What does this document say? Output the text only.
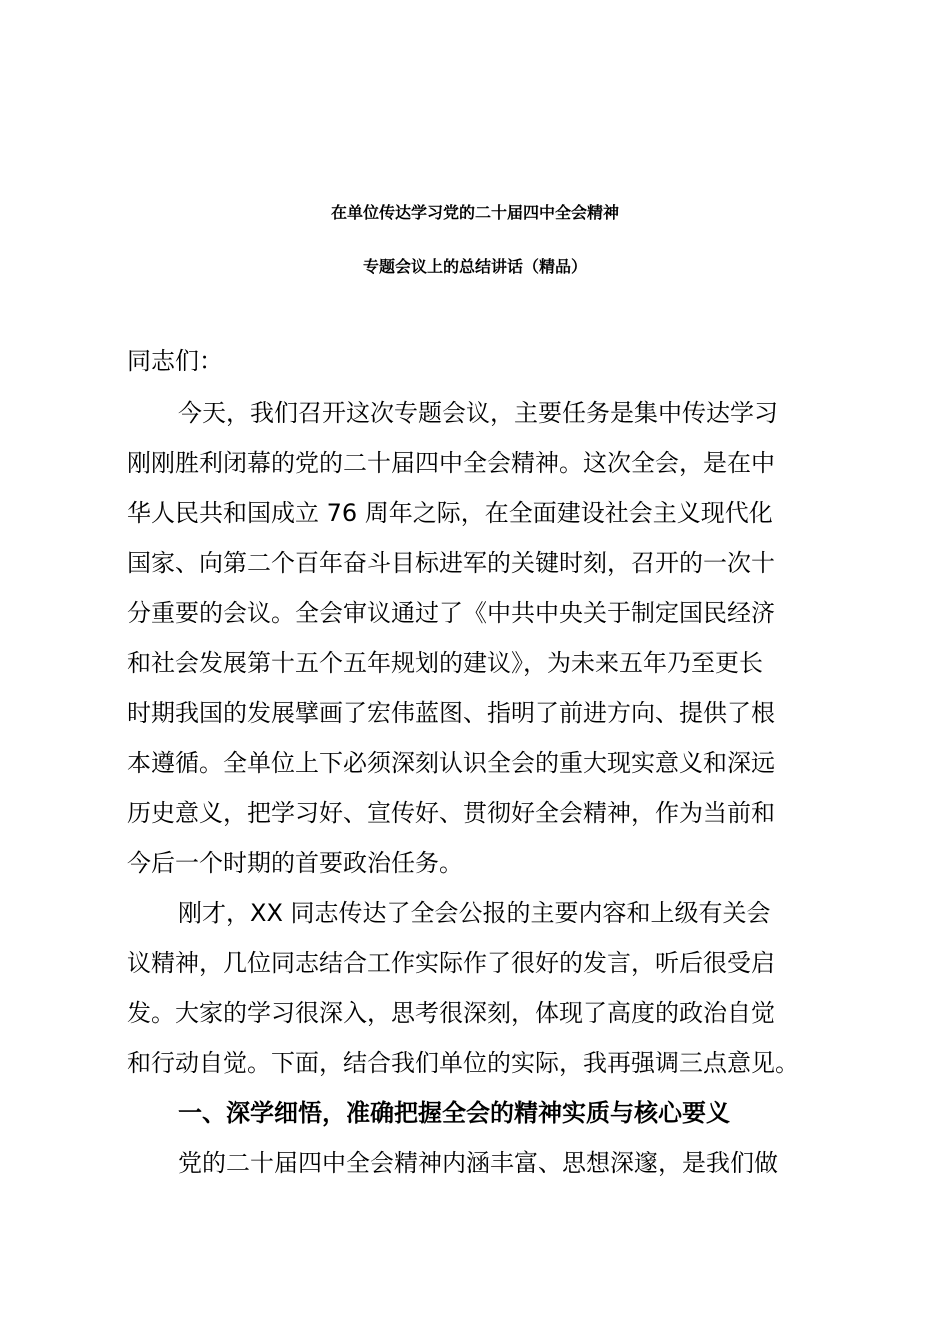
在单位传达学习党的二十届四中全会精神
专题会议上的总结讲话（精品）
同志们：
今天，我们召开这次专题会议，主要任务是集中传达学习
刚刚胜利闭幕的党的二十届四中全会精神。这次全会，是在中
华人民共和国成立 76 周年之际，在全面建设社会主义现代化
国家、向第二个百年奋斗目标进军的关键时刻，召开的一次十
分重要的会议。全会审议通过了《中共中央关于制定国民经济
和社会发展第十五个五年规划的建议》，为未来五年乃至更长
时期我国的发展擘画了宏伟蓝图、指明了前进方向、提供了根
本遵循。全单位上下必须深刻认识全会的重大现实意义和深远
历史意义，把学习好、宣传好、贯彻好全会精神，作为当前和
今后一个时期的首要政治任务。
刚才，XX 同志传达了全会公报的主要内容和上级有关会
议精神，几位同志结合工作实际作了很好的发言，听后很受启
发。大家的学习很深入，思考很深刻，体现了高度的政治自觉
和行动自觉。下面，结合我们单位的实际，我再强调三点意见。
一、深学细悟，准确把握全会的精神实质与核心要义
党的二十届四中全会精神内涵丰富、思想深邃，是我们做
